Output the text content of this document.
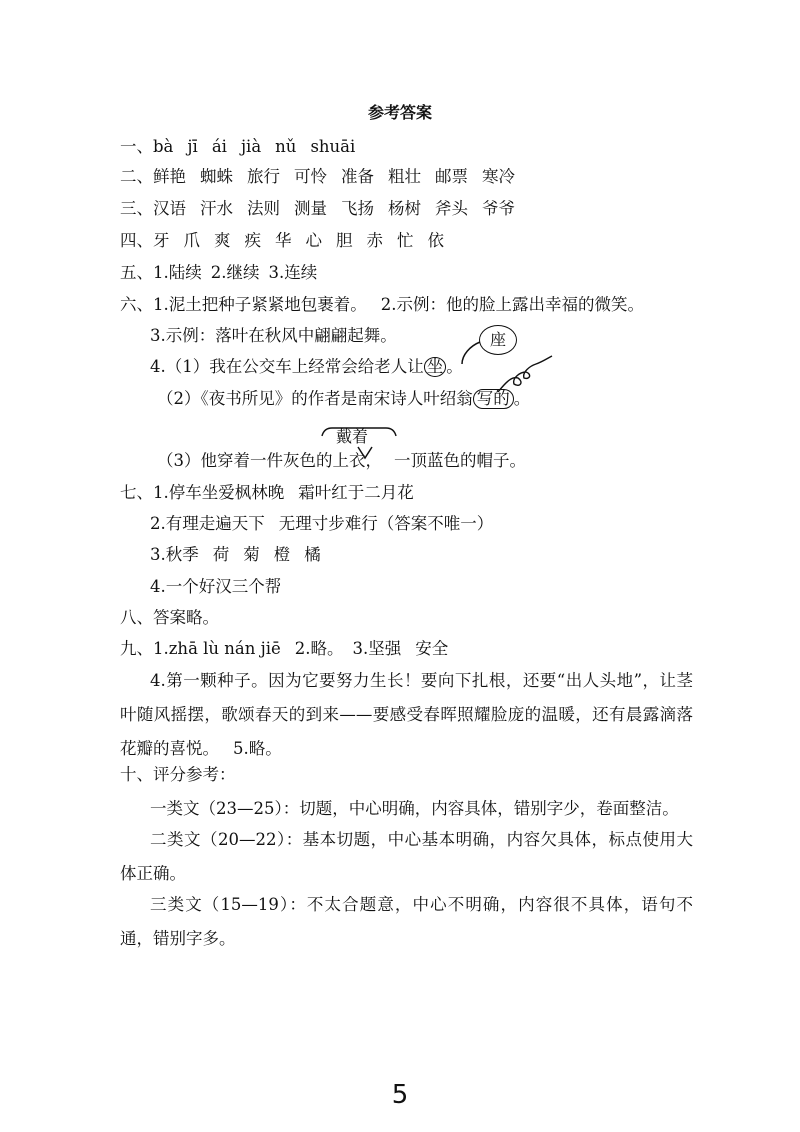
参考答案
一、bà jī ái jià nǔ shuāi
二、鲜艳 蜘蛛 旅行 可怜 准备 粗壮 邮票 寒冷
三、汉语 汗水 法则 测量 飞扬 杨树 斧头 爷爷
四、牙 爪 爽 疾 华 心 胆 赤 忙 依
五、1.陆续 2.继续 3.连续
六、1.泥土把种子紧紧地包裹着。 2.示例：他的脸上露出幸福的微笑。
3.示例：落叶在秋风中翩翩起舞。
4.（1）我在公交车上经常会给老人让 坐 。
座
（2）《夜书所见》的作者是南宋诗人叶绍翁 写的 。
戴着
（3）他穿着一件灰色的上衣， 一顶蓝色的帽子。
七、1.停车坐爱枫林晚 霜叶红于二月花
2.有理走遍天下 无理寸步难行（答案不唯一）
3.秋季 荷 菊 橙 橘
4.一个好汉三个帮
八、答案略。
九、1.zhā lù nán jiē 2.略。 3.坚强 安全
4.第一颗种子。因为它要努力生长！要向下扎根，还要“出人头地”，让茎叶随风摇摆，歌颂春天的到来——要感受春晖照耀脸庞的温暖，还有晨露滴落花瓣的喜悦。 5.略。
十、评分参考：
一类文（23—25）：切题，中心明确，内容具体，错别字少，卷面整洁。
二类文（20—22）：基本切题，中心基本明确，内容欠具体，标点使用大体正确。
三类文（15—19）：不太合题意，中心不明确，内容很不具体，语句不通，错别字多。
5
